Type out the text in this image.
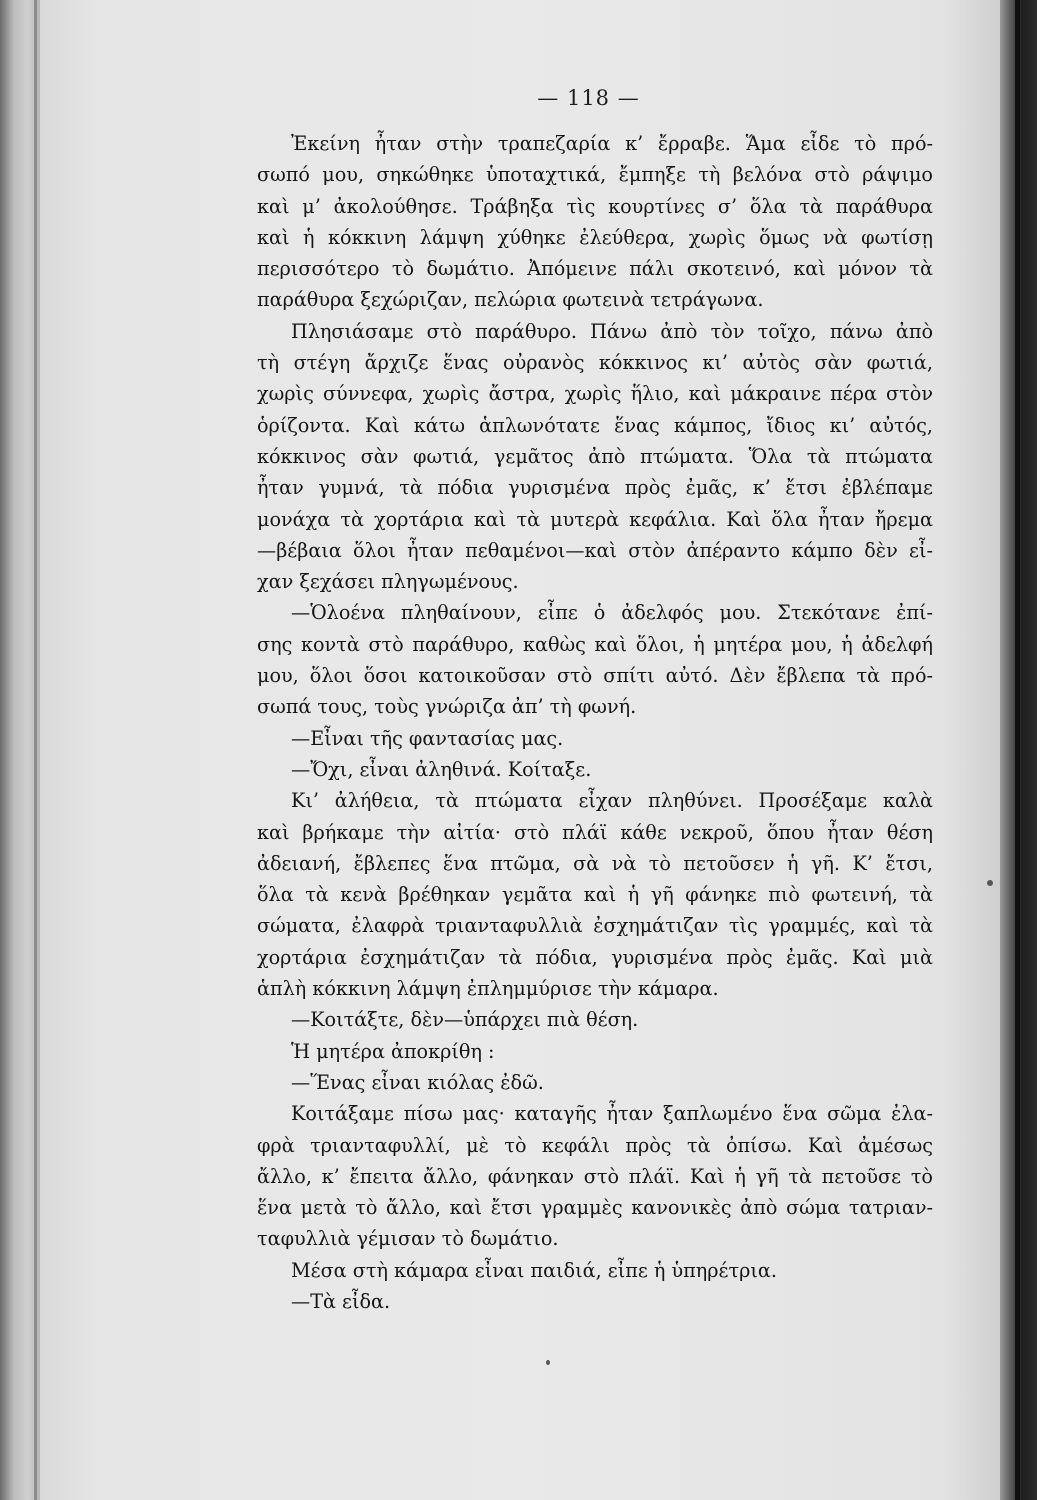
— 118 —
Ἐκείνη ἦταν στὴν τραπεζαρία κ’ ἔρραβε. Ἅμα εἶδε τὸ πρό-
σωπό μου, σηκώθηκε ὑποταχτικά, ἔμπηξε τὴ βελόνα στὸ ράψιμο
καὶ μ’ ἀκολούθησε. Τράβηξα τὶς κουρτίνες σ’ ὅλα τὰ παράθυρα
καὶ ἡ κόκκινη λάμψη χύθηκε ἐλεύθερα, χωρὶς ὅμως νὰ φωτίσῃ
περισσότερο τὸ δωμάτιο. Ἀπόμεινε πάλι σκοτεινό, καὶ μόνον τὰ
παράθυρα ξεχώριζαν, πελώρια φωτεινὰ τετράγωνα.
Πλησιάσαμε στὸ παράθυρο. Πάνω ἀπὸ τὸν τοῖχο, πάνω ἀπὸ
τὴ στέγη ἄρχιζε ἕνας οὐρανὸς κόκκινος κι’ αὐτὸς σὰν φωτιά,
χωρὶς σύννεφα, χωρὶς ἄστρα, χωρὶς ἥλιο, καὶ μάκραινε πέρα στὸν
ὁρίζοντα. Καὶ κάτω ἁπλωνότατε ἕνας κάμπος, ἴδιος κι’ αὐτός,
κόκκινος σὰν φωτιά, γεμᾶτος ἀπὸ πτώματα. Ὅλα τὰ πτώματα
ἦταν γυμνά, τὰ πόδια γυρισμένα πρὸς ἐμᾶς, κ’ ἔτσι ἐβλέπαμε
μονάχα τὰ χορτάρια καὶ τὰ μυτερὰ κεφάλια. Καὶ ὅλα ἦταν ἤρεμα
—βέβαια ὅλοι ἦταν πεθαμένοι—καὶ στὸν ἀπέραντο κάμπο δὲν εἶ-
χαν ξεχάσει πληγωμένους.
—Ὁλοένα πληθαίνουν, εἶπε ὁ ἀδελφός μου. Στεκότανε ἐπί-
σης κοντὰ στὸ παράθυρο, καθὼς καὶ ὅλοι, ἡ μητέρα μου, ἡ ἀδελφή
μου, ὅλοι ὅσοι κατοικοῦσαν στὸ σπίτι αὐτό. Δὲν ἔβλεπα τὰ πρό-
σωπά τους, τοὺς γνώριζα ἀπ’ τὴ φωνή.
—Εἶναι τῆς φαντασίας μας.
—Ὄχι, εἶναι ἀληθινά. Κοίταξε.
Κι’ ἀλήθεια, τὰ πτώματα εἶχαν πληθύνει. Προσέξαμε καλὰ
καὶ βρήκαμε τὴν αἰτία· στὸ πλάϊ κάθε νεκροῦ, ὅπου ἦταν θέση
ἀδειανή, ἔβλεπες ἕνα πτῶμα, σὰ νὰ τὸ πετοῦσεν ἡ γῆ. Κ’ ἔτσι,
ὅλα τὰ κενὰ βρέθηκαν γεμᾶτα καὶ ἡ γῆ φάνηκε πιὸ φωτεινή, τὰ
σώματα, ἐλαφρὰ τριανταφυλλιὰ ἐσχημάτιζαν τὶς γραμμές, καὶ τὰ
χορτάρια ἐσχημάτιζαν τὰ πόδια, γυρισμένα πρὸς ἐμᾶς. Καὶ μιὰ
ἁπλὴ κόκκινη λάμψη ἐπλημμύρισε τὴν κάμαρα.
—Κοιτάξτε, δὲν—ὑπάρχει πιὰ θέση.
Ἡ μητέρα ἀποκρίθη :
—Ἕνας εἶναι κιόλας ἐδῶ.
Κοιτάξαμε πίσω μας· καταγῆς ἦταν ξαπλωμένο ἕνα σῶμα ἐλα-
φρὰ τριανταφυλλί, μὲ τὸ κεφάλι πρὸς τὰ ὀπίσω. Καὶ ἀμέσως
ἄλλο, κ’ ἔπειτα ἄλλο, φάνηκαν στὸ πλάϊ. Καὶ ἡ γῆ τὰ πετοῦσε τὸ
ἕνα μετὰ τὸ ἄλλο, καὶ ἔτσι γραμμὲς κανονικὲς ἀπὸ σώμα τατριαν-
ταφυλλιὰ γέμισαν τὸ δωμάτιο.
Μέσα στὴ κάμαρα εἶναι παιδιά, εἶπε ἡ ὑπηρέτρια.
—Τὰ εἶδα.
